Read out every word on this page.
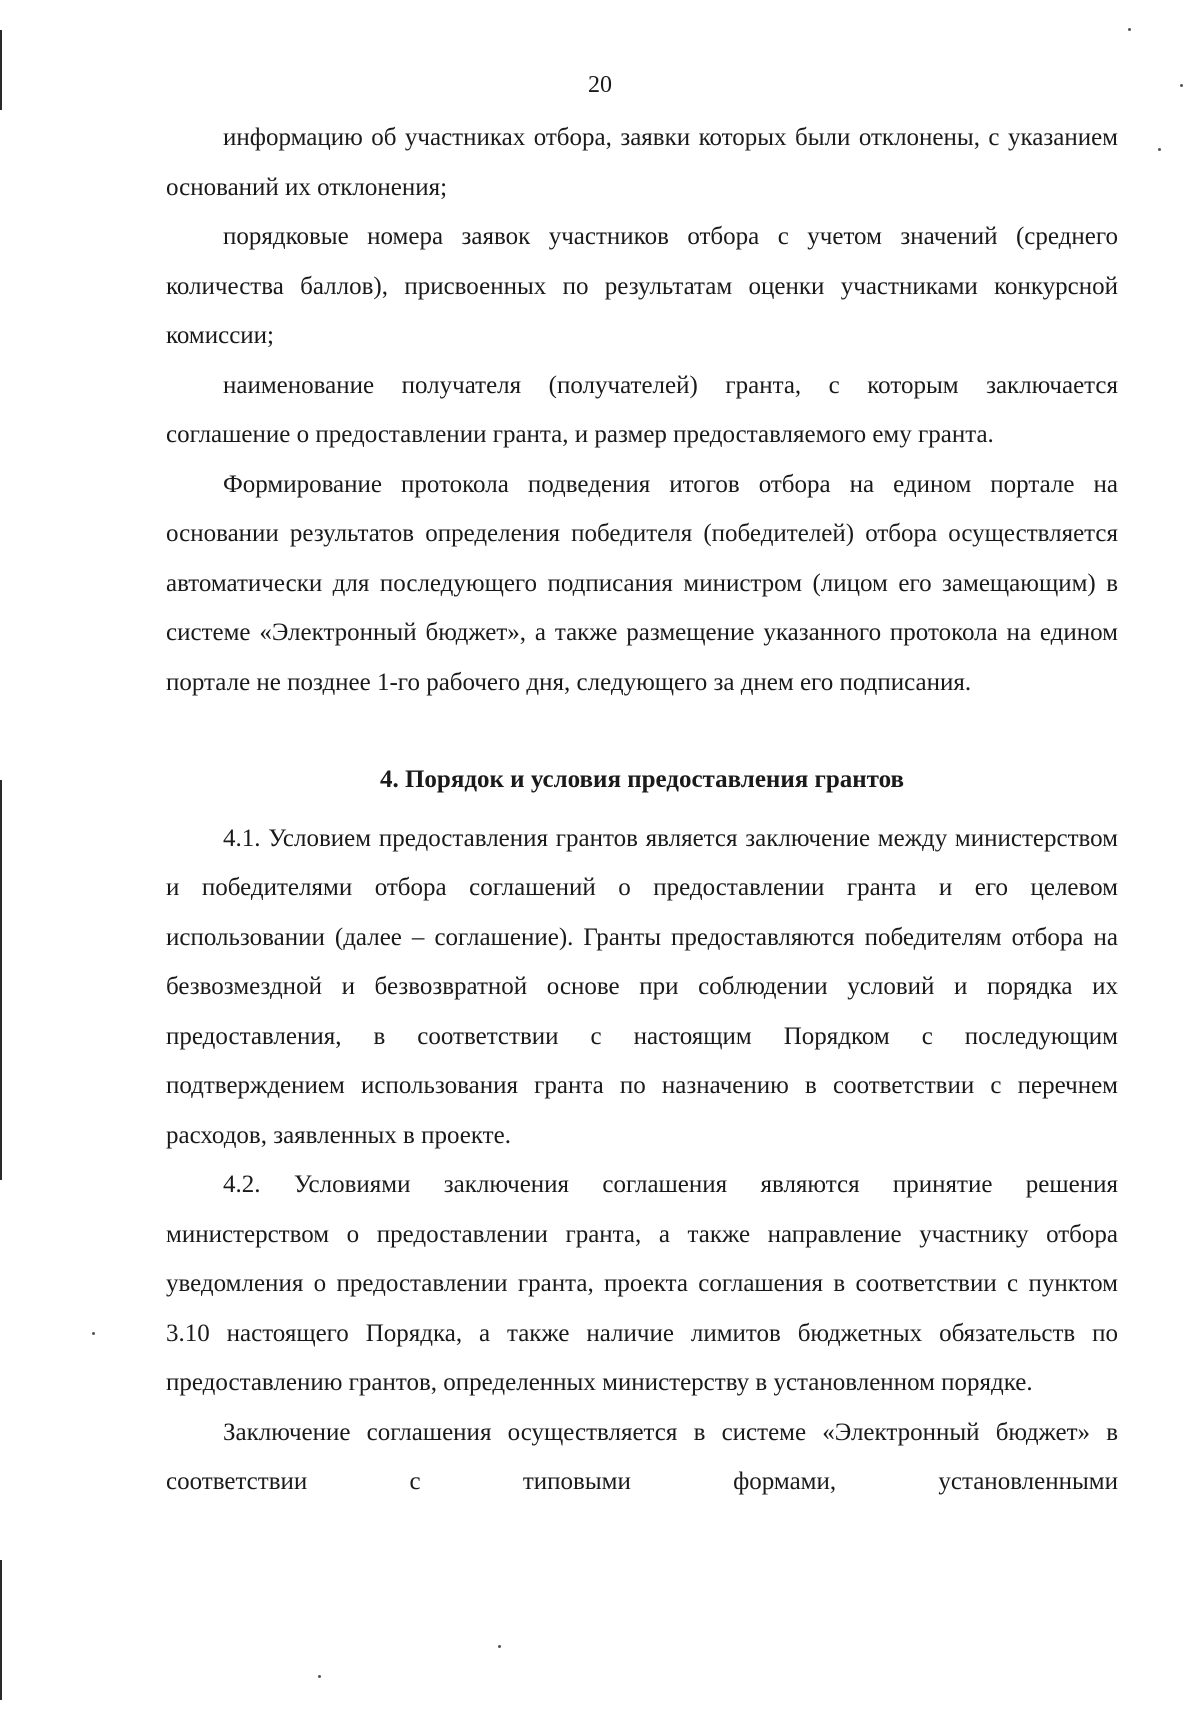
20

информацию об участниках отбора, заявки которых были отклонены, с указанием оснований их отклонения;

порядковые номера заявок участников отбора с учетом значений (среднего количества баллов), присвоенных по результатам оценки участниками конкурсной комиссии;

наименование получателя (получателей) гранта, с которым заключается соглашение о предоставлении гранта, и размер предоставляемого ему гранта.

Формирование протокола подведения итогов отбора на едином портале на основании результатов определения победителя (победителей) отбора осуществляется автоматически для последующего подписания министром (лицом его замещающим) в системе «Электронный бюджет», а также размещение указанного протокола на едином портале не позднее 1-го рабочего дня, следующего за днем его подписания.

4. Порядок и условия предоставления грантов

4.1. Условием предоставления грантов является заключение между министерством и победителями отбора соглашений о предоставлении гранта и его целевом использовании (далее – соглашение). Гранты предоставляются победителям отбора на безвозмездной и безвозвратной основе при соблюдении условий и порядка их предоставления, в соответствии с настоящим Порядком с последующим подтверждением использования гранта по назначению в соответствии с перечнем расходов, заявленных в проекте.

4.2. Условиями заключения соглашения являются принятие решения министерством о предоставлении гранта, а также направление участнику отбора уведомления о предоставлении гранта, проекта соглашения в соответствии с пунктом 3.10 настоящего Порядка, а также наличие лимитов бюджетных обязательств по предоставлению грантов, определенных министерству в установленном порядке.

Заключение соглашения осуществляется в системе «Электронный бюджет» в соответствии с типовыми формами, установленными
